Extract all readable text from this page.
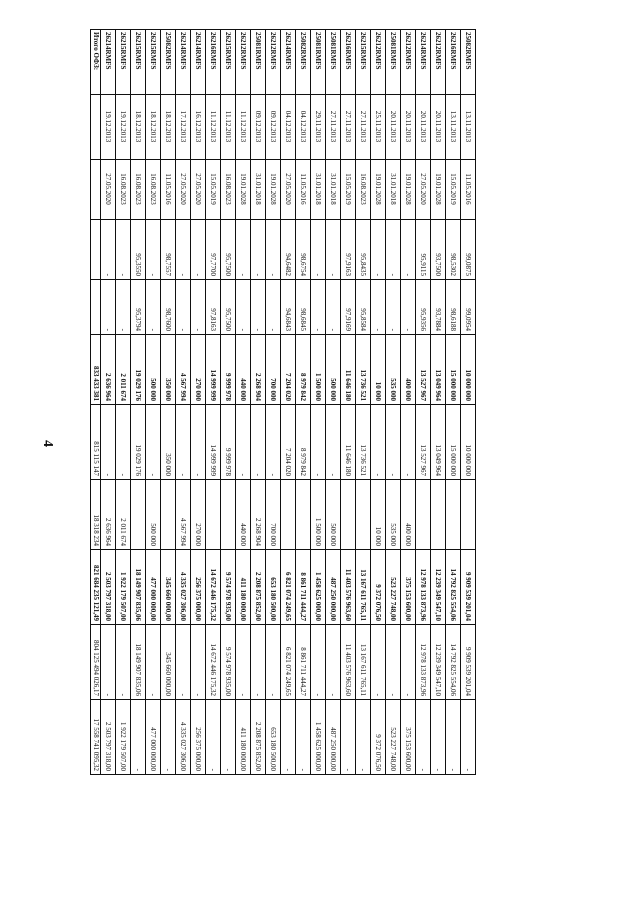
4
25082RMFS
13.11.2013
11.05.2016
99,0875
99,0954
10 000 000
10 000 000
9 909 539 201,04
9 909 539 201,04
-
26216RMFS
13.11.2013
15.05.2019
98,5302
98,6188
15 000 000
15 000 000
14 792 825 554,06
14 792 825 554,06
-
26212RMFS
20.11.2013
19.01.2028
93,7500
93,7884
13 049 964
13 049 964
12 239 349 547,10
12 239 349 547,10
-
26214RMFS
20.11.2013
27.05.2020
95,9115
95,9356
13 527 967
13 527 967
12 978 133 873,96
12 978 133 873,96
-
26212RMFS
20.11.2013
19.01.2028
-
-
400 000
-
400 000
375 153 600,00
-
375 153 600,00
25081RMFS
20.11.2013
31.01.2018
-
-
535 000
-
535 000
523 227 748,00
-
523 227 748,00
26212RMFS
25.11.2013
19.01.2028
-
-
10 000
-
10 000
9 372 076,50
-
9 372 076,50
26215RMFS
27.11.2013
16.08.2023
95,8435
95,8584
13 736 521
13 736 521
13 167 611 765,11
13 167 611 765,11
-
26216RMFS
27.11.2013
15.05.2019
97,9163
97,9169
11 646 180
11 646 180
11 403 576 963,60
11 403 576 963,60
-
25081RMFS
27.11.2013
31.01.2018
-
-
500 000
-
500 000
487 250 000,00
-
487 250 000,00
25081RMFS
29.11.2013
31.01.2018
-
-
1 500 000
-
1 500 000
1 458 625 000,00
-
1 458 625 000,00
25082RMFS
04.12.2013
11.05.2016
98,6754
98,6845
8 979 842
8 979 842
8 861 711 444,27
8 861 711 444,27
-
26214RMFS
04.12.2013
27.05.2020
94,6482
94,6843
7 204 020
7 204 020
6 821 074 249,65
6 821 074 249,65
-
26212RMFS
09.12.2013
19.01.2028
-
-
700 000
-
700 000
653 180 500,00
-
653 180 500,00
25081RMFS
09.12.2013
31.01.2018
-
-
2 268 904
-
2 268 904
2 208 875 852,00
-
2 208 875 852,00
26212RMFS
11.12.2013
19.01.2028
-
-
440 000
-
440 000
411 180 000,00
-
411 180 000,00
26215RMFS
11.12.2013
16.08.2023
95,7500
95,7500
9 999 978
9 999 978
9 574 978 935,00
9 574 978 935,00
-
26216RMFS
11.12.2013
15.05.2019
97,7700
97,8163
14 999 999
14 999 999
14 672 446 175,32
14 672 446 175,32
-
26214RMFS
16.12.2013
27.05.2020
-
-
270 000
-
270 000
256 375 000,00
-
256 375 000,00
26214RMFS
17.12.2013
27.05.2020
-
-
4 567 994
-
4 567 994
4 335 027 306,00
-
4 335 027 306,00
25082RMFS
18.12.2013
11.05.2016
98,7557
98,7600
350 000
350 000
345 660 000,00
345 660 000,00
-
26215RMFS
18.12.2013
16.08.2023
-
-
500 000
-
500 000
477 000 000,00
-
477 000 000,00
26215RMFS
18.12.2013
16.08.2023
95,3550
95,3794
19 029 176
19 029 176
18 149 907 835,06
18 149 907 835,06
-
26215RMFS
19.12.2013
16.08.2023
-
-
2 011 674
-
2 011 674
1 922 179 507,00
-
1 922 179 507,00
26214RMFS
19.12.2013
27.05.2020
-
-
2 636 964
-
2 636 964
2 503 797 318,00
-
2 503 797 318,00
Итого ОФЗ:
833 433 381
815 115 147
18 318 234
821 684 235 121,49
804 125 494 026,17
17 558 741 095,32
